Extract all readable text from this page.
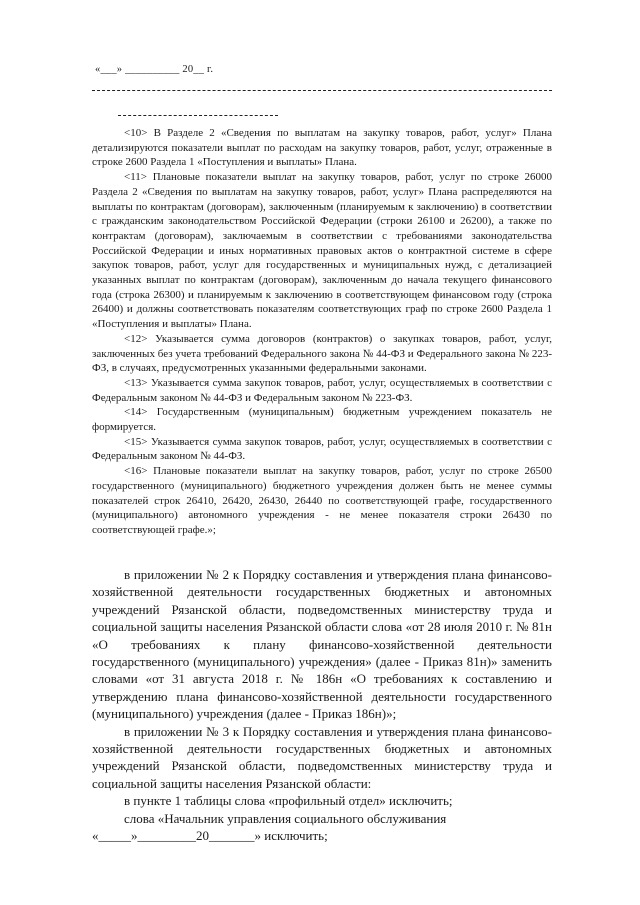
«___» __________ 20__ г.

<10> В Разделе 2 «Сведения по выплатам на закупку товаров, работ, услуг» Плана детализируются показатели выплат по расходам на закупку товаров, работ, услуг, отраженные в строке 2600 Раздела 1 «Поступления и выплаты» Плана.

<11> Плановые показатели выплат на закупку товаров, работ, услуг по строке 26000 Раздела 2 «Сведения по выплатам на закупку товаров, работ, услуг» Плана распределяются на выплаты по контрактам (договорам), заключенным (планируемым к заключению) в соответствии с гражданским законодательством Российской Федерации (строки 26100 и 26200), а также по контрактам (договорам), заключаемым в соответствии с требованиями законодательства Российской Федерации и иных нормативных правовых актов о контрактной системе в сфере закупок товаров, работ, услуг для государственных и муниципальных нужд, с детализацией указанных выплат по контрактам (договорам), заключенным до начала текущего финансового года (строка 26300) и планируемым к заключению в соответствующем финансовом году (строка 26400) и должны соответствовать показателям соответствующих граф по строке 2600 Раздела 1 «Поступления и выплаты» Плана.

<12> Указывается сумма договоров (контрактов) о закупках товаров, работ, услуг, заключенных без учета требований Федерального закона № 44-ФЗ и Федерального закона № 223-ФЗ, в случаях, предусмотренных указанными федеральными законами.

<13> Указывается сумма закупок товаров, работ, услуг, осуществляемых в соответствии с Федеральным законом № 44-ФЗ и Федеральным законом № 223-ФЗ.

<14> Государственным (муниципальным) бюджетным учреждением показатель не формируется.

<15> Указывается сумма закупок товаров, работ, услуг, осуществляемых в соответствии с Федеральным законом № 44-ФЗ.

<16> Плановые показатели выплат на закупку товаров, работ, услуг по строке 26500 государственного (муниципального) бюджетного учреждения должен быть не менее суммы показателей строк 26410, 26420, 26430, 26440 по соответствующей графе, государственного (муниципального) автономного учреждения - не менее показателя строки 26430 по соответствующей графе.»;

в приложении № 2 к Порядку составления и утверждения плана финансово-хозяйственной деятельности государственных бюджетных и автономных учреждений Рязанской области, подведомственных министерству труда и социальной защиты населения Рязанской области слова «от 28 июля 2010 г. № 81н «О требованиях к плану финансово-хозяйственной деятельности государственного (муниципального) учреждения» (далее - Приказ 81н)» заменить словами «от 31 августа 2018 г. № 186н «О требованиях к составлению и утверждению плана финансово-хозяйственной деятельности государственного (муниципального) учреждения (далее - Приказ 186н)»;

в приложении № 3 к Порядку составления и утверждения плана финансово-хозяйственной деятельности государственных бюджетных и автономных учреждений Рязанской области, подведомственных министерству труда и социальной защиты населения Рязанской области:

в пункте 1 таблицы слова «профильный отдел» исключить;

слова «Начальник управления социального обслуживания

«_____»_________20_______» исключить;
